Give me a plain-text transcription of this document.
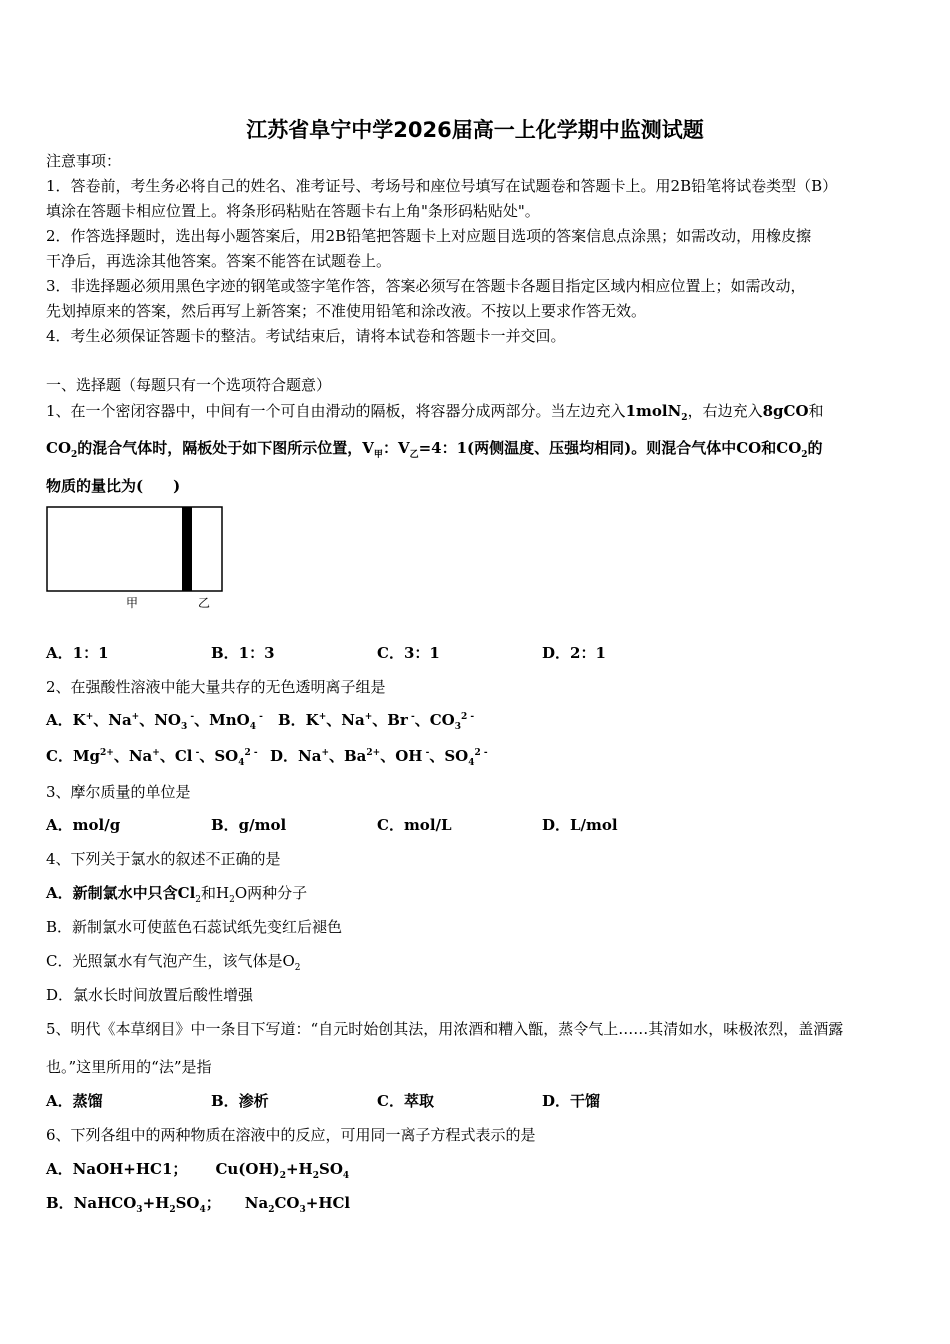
江苏省阜宁中学2026届高一上化学期中监测试题
注意事项：
1．答卷前，考生务必将自己的姓名、准考证号、考场号和座位号填写在试题卷和答题卡上。用2B铅笔将试卷类型（B）
填涂在答题卡相应位置上。将条形码粘贴在答题卡右上角"条形码粘贴处"。
2．作答选择题时，选出每小题答案后，用2B铅笔把答题卡上对应题目选项的答案信息点涂黑；如需改动，用橡皮擦
干净后，再选涂其他答案。答案不能答在试题卷上。
3．非选择题必须用黑色字迹的钢笔或签字笔作答，答案必须写在答题卡各题目指定区域内相应位置上；如需改动，
先划掉原来的答案，然后再写上新答案；不准使用铅笔和涂改液。不按以上要求作答无效。
4．考生必须保证答题卡的整洁。考试结束后，请将本试卷和答题卡一并交回。
一、选择题（每题只有一个选项符合题意）
1、在一个密闭容器中，中间有一个可自由滑动的隔板，将容器分成两部分。当左边充入1molN$_2$，右边充入8gCO和
$CO_2$的混合气体时，隔板处于如下图所示位置，$V_甲$：$V_乙=4$：1(两侧温度、压强均相同)。则混合气体中CO和$CO_2$的
物质的量比为(　　)
甲	乙
A．1：1	B．1：3	C．3：1	D．2：1
2、在强酸性溶液中能大量共存的无色透明离子组是
A．K+、Na+、$NO_3$ -、MnO$_4$ - B．K+、Na+、Br -、$CO_3^{2 -}$
C．$Mg^{2+}$、Na+、Cl -、$SO_4^{2 -}$ D．Na+、$Ba^{2+}$、OH -、$SO_4^{2 -}$
3、摩尔质量的单位是
A．mol/g	B．g/mol	C．mol/L	D．L/mol
4、下列关于氯水的叙述不正确的是
A．新制氯水中只含$Cl_2$和$H_2O$两种分子
B．新制氯水可使蓝色石蕊试纸先变红后褪色
C．光照氯水有气泡产生，该气体是$O_2$
D．氯水长时间放置后酸性增强
5、明代《本草纲目》中一条目下写道：“自元时始创其法，用浓酒和糟入甑，蒸令气上……其清如水，味极浓烈，盖酒露
也。”这里所用的“法”是指
A．蒸馏	B．渗析	C．萃取	D．干馏
6、下列各组中的两种物质在溶液中的反应，可用同一离子方程式表示的是
A．NaOH+HC1； $Cu(OH)_2+H_2SO_4$
B．$NaHCO_3+H_2SO_4$； $Na_2CO_3+HCl$
